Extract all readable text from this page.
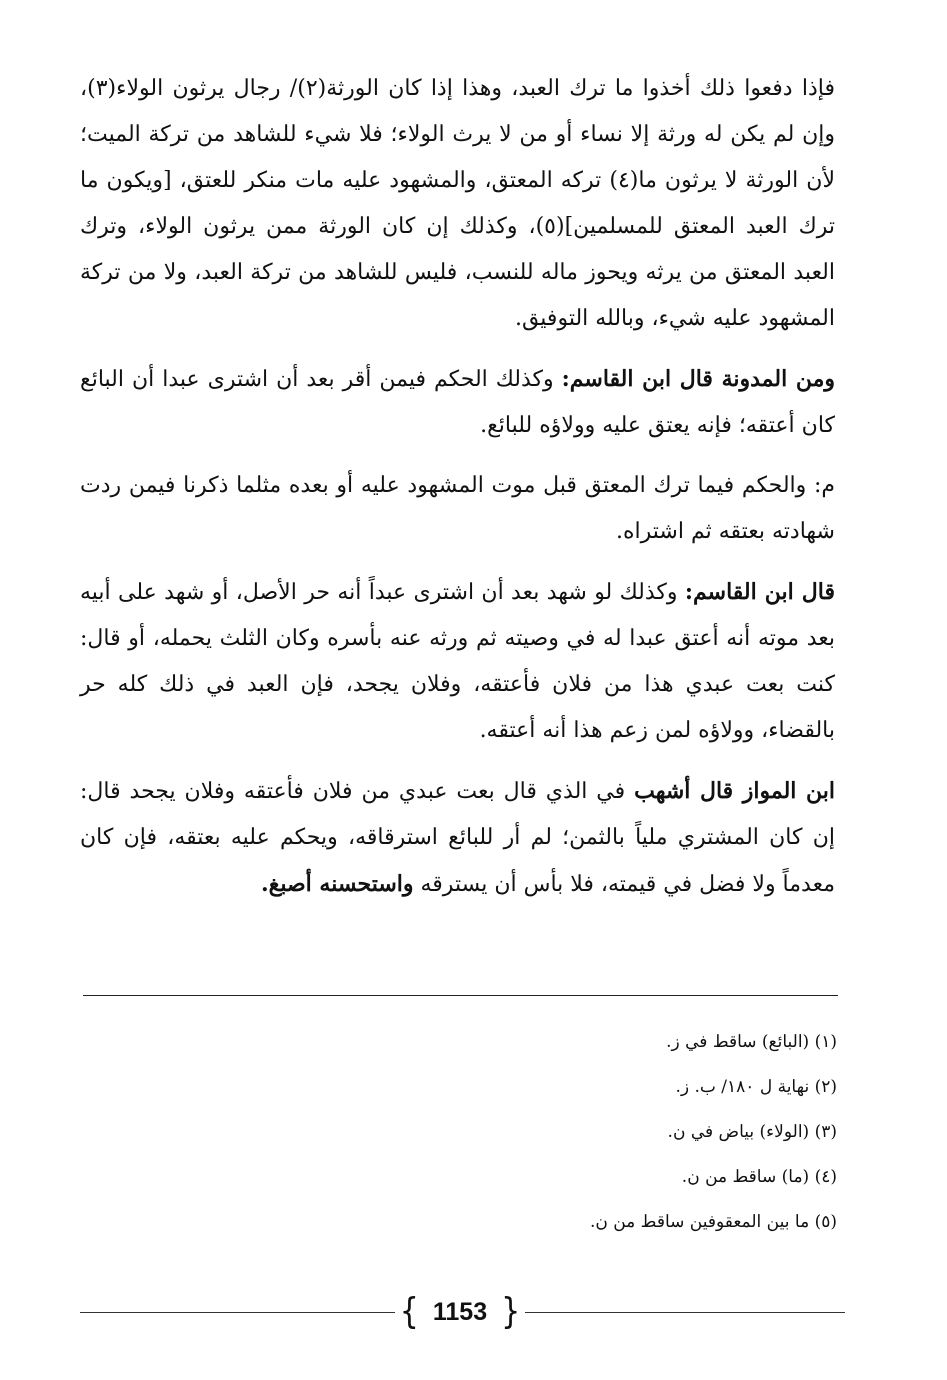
فإذا دفعوا ذلك أخذوا ما ترك العبد، وهذا إذا كان الورثة(٢)/ رجال يرثون الولاء(٣)، وإن لم يكن له ورثة إلا نساء أو من لا يرث الولاء؛ فلا شيء للشاهد من تركة الميت؛ لأن الورثة لا يرثون ما(٤) تركه المعتق، والمشهود عليه مات منكر للعتق، [ويكون ما ترك العبد المعتق للمسلمين](٥)، وكذلك إن كان الورثة ممن يرثون الولاء، وترك العبد المعتق من يرثه ويحوز ماله للنسب، فليس للشاهد من تركة العبد، ولا من تركة المشهود عليه شيء، وبالله التوفيق.

ومن المدونة قال ابن القاسم: وكذلك الحكم فيمن أقر بعد أن اشترى عبدا أن البائع كان أعتقه؛ فإنه يعتق عليه وولاؤه للبائع.

م: والحكم فيما ترك المعتق قبل موت المشهود عليه أو بعده مثلما ذكرنا فيمن ردت شهادته بعتقه ثم اشتراه.

قال ابن القاسم: وكذلك لو شهد بعد أن اشترى عبداً أنه حر الأصل، أو شهد على أبيه بعد موته أنه أعتق عبدا له في وصيته ثم ورثه عنه بأسره وكان الثلث يحمله، أو قال: كنت بعت عبدي هذا من فلان فأعتقه، وفلان يجحد، فإن العبد في ذلك كله حر بالقضاء، وولاؤه لمن زعم هذا أنه أعتقه.

ابن المواز قال أشهب في الذي قال بعت عبدي من فلان فأعتقه وفلان يجحد قال: إن كان المشتري ملياً بالثمن؛ لم أر للبائع استرقاقه، ويحكم عليه بعتقه، فإن كان معدماً ولا فضل في قيمته، فلا بأس أن يسترقه واستحسنه أصبغ.

(١) (البائع) ساقط في ز.

(٢) نهاية ل ١٨٠/ ب. ز.

(٣) (الولاء) بياض في ن.

(٤) (ما) ساقط من ن.

(٥) ما بين المعقوفين ساقط من ن.

{ 1153 }
